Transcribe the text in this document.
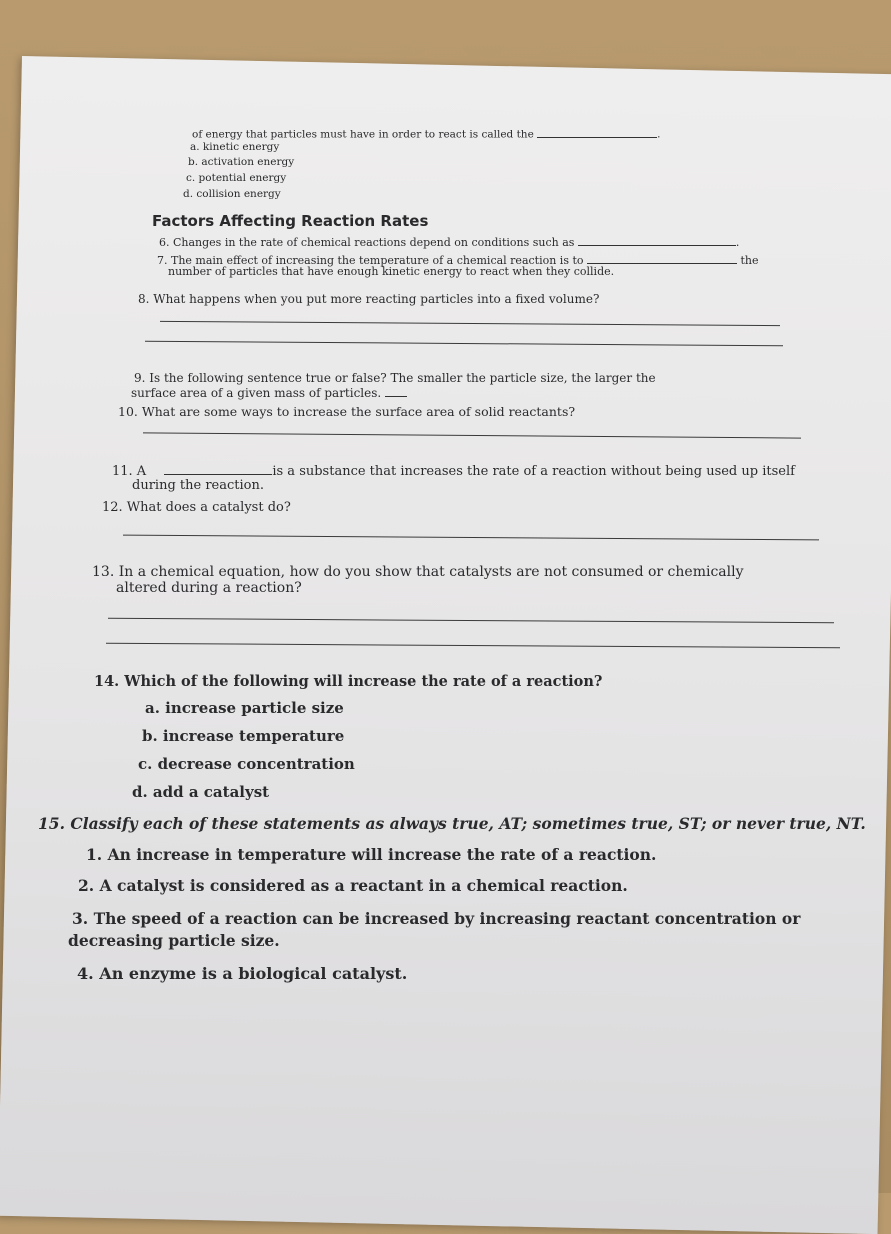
of energy that particles must have in order to react is called the	.
a. kinetic energy
b. activation energy
c. potential energy
d. collision energy
Factors Affecting Reaction Rates
6. Changes in the rate of chemical reactions depend on conditions such as	.
7. The main effect of increasing the temperature of a chemical reaction is to	the
number of particles that have enough kinetic energy to react when they collide.
8. What happens when you put more reacting particles into a fixed volume?
9. Is the following sentence true or false? The smaller the particle size, the larger the
surface area of a given mass of particles.
10. What are some ways to increase the surface area of solid reactants?
11. A	is a substance that increases the rate of a reaction without being used up itself
during the reaction.
12. What does a catalyst do?
13. In a chemical equation, how do you show that catalysts are not consumed or chemically
altered during a reaction?
14. Which of the following will increase the rate of a reaction?
a. increase particle size
b. increase temperature
c. decrease concentration
d. add a catalyst
15. Classify each of these statements as always true, AT; sometimes true, ST; or never true, NT.
1. An increase in temperature will increase the rate of a reaction.
2. A catalyst is considered as a reactant in a chemical reaction.
3. The speed of a reaction can be increased by increasing reactant concentration or
decreasing particle size.
4. An enzyme is a biological catalyst.
